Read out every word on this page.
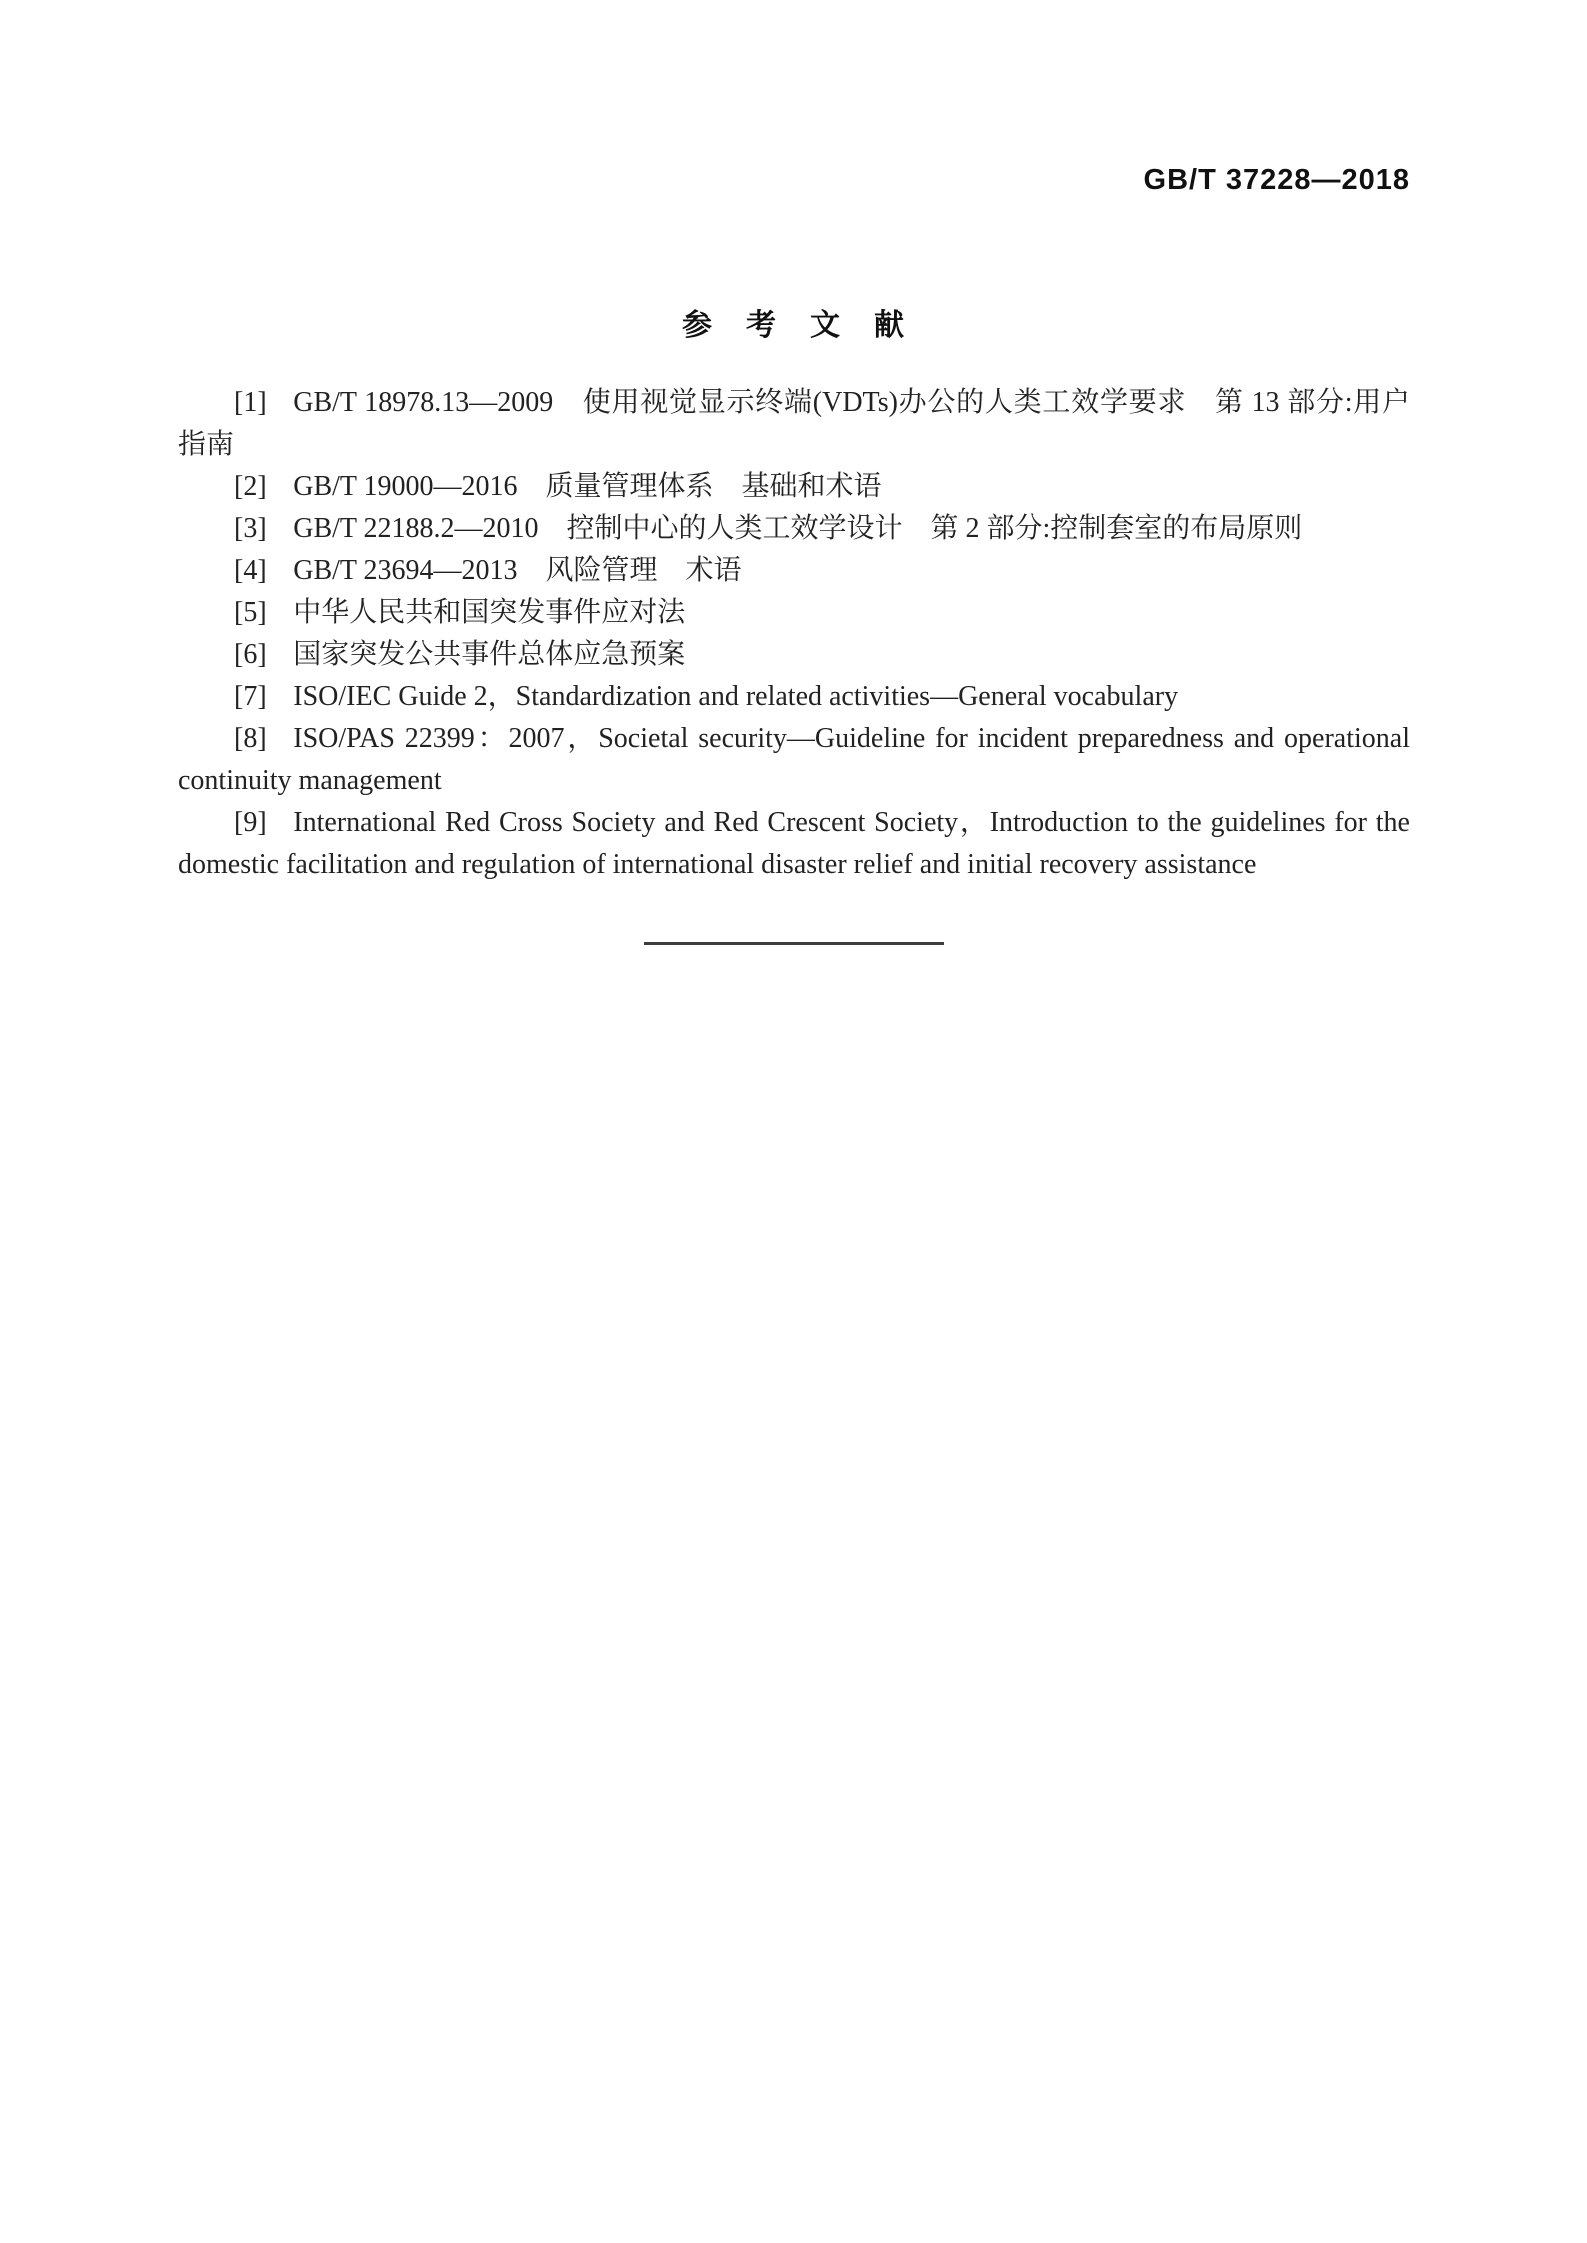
GB/T 37228—2018
参　考　文　献

[1] GB/T 18978.13—2009　使用视觉显示终端(VDTs)办公的人类工效学要求　第 13 部分:用户指南

[2] GB/T 19000—2016　质量管理体系　基础和术语

[3] GB/T 22188.2—2010　控制中心的人类工效学设计　第 2 部分:控制套室的布局原则

[4] GB/T 23694—2013　风险管理　术语

[5] 中华人民共和国突发事件应对法

[6] 国家突发公共事件总体应急预案

[7] ISO/IEC Guide 2，Standardization and related activities—General vocabulary

[8] ISO/PAS 22399：2007，Societal security—Guideline for incident preparedness and operational continuity management

[9] International Red Cross Society and Red Crescent Society，Introduction to the guidelines for the domestic facilitation and regulation of international disaster relief and initial recovery assistance
